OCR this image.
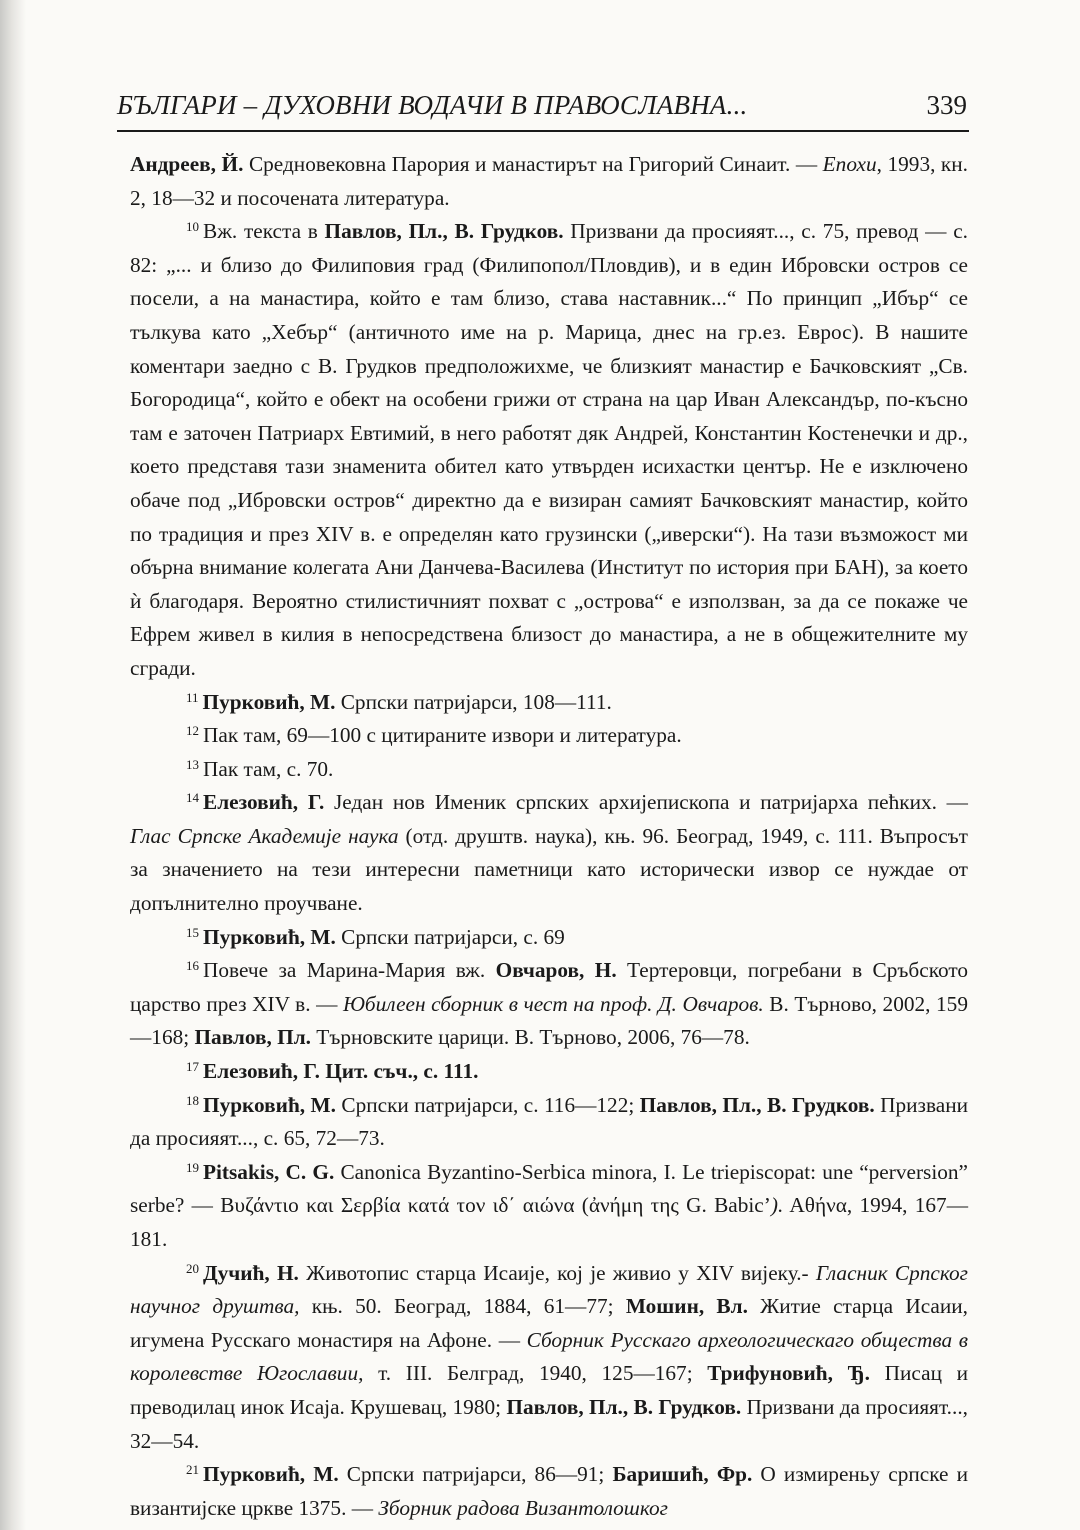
БЪЛГАРИ – ДУХОВНИ ВОДАЧИ В ПРАВОСЛАВНА...	339

Андреев, Й. Средновековна Парория и манастирът на Григорий Синаит. — Епохи, 1993, кн. 2, 18—32 и посочената литература.

$^{10}$ Вж. текста в Павлов, Пл., В. Грудков. Призвани да просияят..., с. 75, превод — с. 82: „... и близо до Филиповия град (Филипопол/Пловдив), и в един Ибровски остров се посели, а на манастира, който е там близо, става наставник...“ По принцип „Ибър“ се тълкува като „Хебър“ (античното име на р. Марица, днес на гр.ез. Еврос). В нашите коментари заедно с В. Грудков предположихме, че близкият манастир е Бачковският „Св. Богородица“, който е обект на особени грижи от страна на цар Иван Александър, по-късно там е заточен Патриарх Евтимий, в него работят дяк Андрей, Константин Костенечки и др., което представя тази знаменита обител като утвърден исихастки център. Не е изключено обаче под „Ибровски остров“ директно да е визиран самият Бачковският манастир, който по традиция и през XIV в. е определян като грузински („иверски“). На тази възможост ми обърна внимание колегата Ани Данчева-Василева (Институт по история при БАН), за което ѝ благодаря. Вероятно стилистичният похват с „острова“ е използван, за да се покаже че Ефрем живел в килия в непосредствена близост до манастира, а не в общежителните му сгради.

$^{11}$ Пурковић, М. Српски патријарси, 108—111.

$^{12}$ Пак там, 69—100 с цитираните извори и литература.

$^{13}$ Пак там, с. 70.

$^{14}$ Елезовић, Г. Један нов Именик српских архијепископа и патријарха пећких. — Глас Српске Академије наука (отд. друштв. наука), књ. 96. Београд, 1949, с. 111. Въпросът за значението на тези интересни паметници като исторически извор се нуждае от допълнително проучване.

$^{15}$ Пурковић, М. Српски патријарси, с. 69

$^{16}$ Повече за Марина-Мария вж. Овчаров, Н. Тертеровци, погребани в Сръбското царство през XIV в. — Юбилеен сборник в чест на проф. Д. Овчаров. В. Търново, 2002, 159—168; Павлов, Пл. Търновските царици. В. Търново, 2006, 76—78.

$^{17}$ Елезовић, Г. Цит. съч., с. 111.

$^{18}$ Пурковић, М. Српски патријарси, с. 116—122; Павлов, Пл., В. Грудков. Призвани да просияят..., с. 65, 72—73.

$^{19}$ Pitsakis, C. G. Canonica Byzantino-Serbica minora, I. Le triepiscopat: une “perversion” serbe? — Βυζάντιο και Σερβία κατά τον ιδ΄ αιώνα (ἀνήμη της G. Babic’). Αθήνα, 1994, 167—181.

$^{20}$ Дучић, Н. Животопис старца Исаије, кој је живио у XIV вијеку.- Гласник Српског научног друштва, књ. 50. Београд, 1884, 61—77; Мошин, Вл. Житие старца Исаии, игумена Русскаго монастиря на Афоне. — Сборник Русскаго археологическаго общества в королевстве Югославии, т. III. Белград, 1940, 125—167; Трифуновић, Ђ. Писац и преводилац инок Исаја. Крушевац, 1980; Павлов, Пл., В. Грудков. Призвани да просияят..., 32—54.

$^{21}$ Пурковић, М. Српски патријарси, 86—91; Баришић, Фр. О измиреньу српске и византијске цркве 1375. — Зборник радова Византолошког
